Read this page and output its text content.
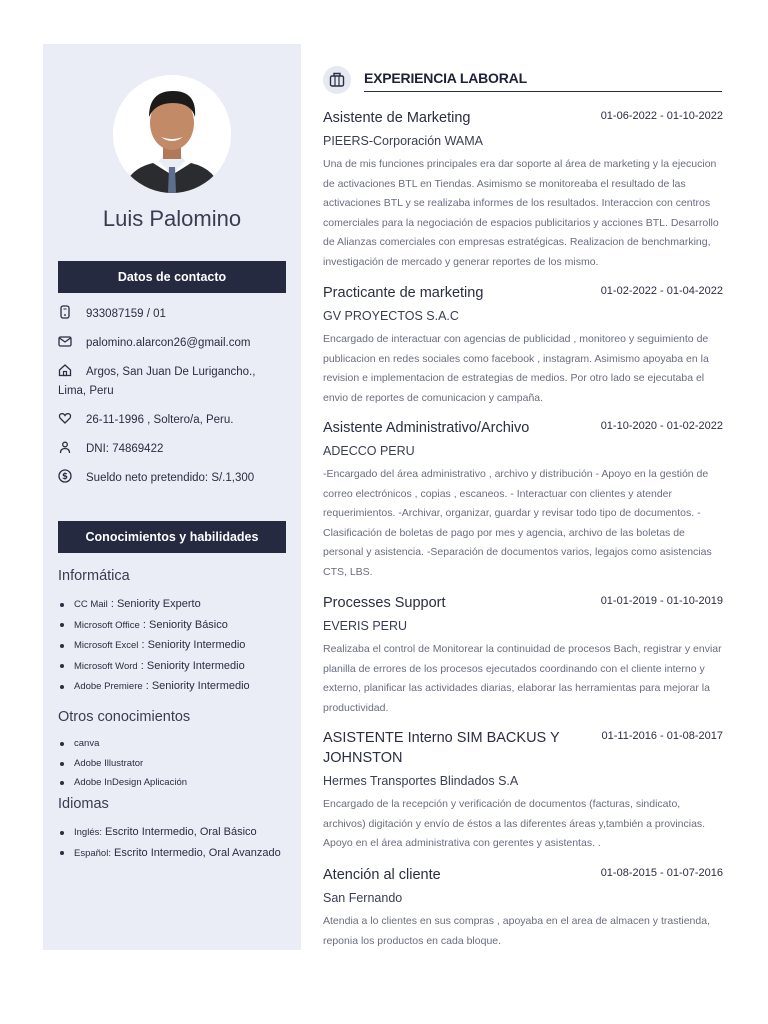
Luis Palomino
Datos de contacto
933087159 / 01
palomino.alarcon26@gmail.com
Argos, San Juan De Lurigancho., Lima, Peru
26-11-1996 , Soltero/a, Peru.
DNI: 74869422
$ Sueldo neto pretendido: S/.1,300
Conocimientos y habilidades
Informática
CC Mail : Seniority Experto
Microsoft Office : Seniority Básico
Microsoft Excel : Seniority Intermedio
Microsoft Word : Seniority Intermedio
Adobe Premiere : Seniority Intermedio
Otros conocimientos
canva
Adobe Illustrator
Adobe InDesign Aplicación
Idiomas
Inglés: Escrito Intermedio, Oral Básico
Español: Escrito Intermedio, Oral Avanzado
EXPERIENCIA LABORAL
Asistente de Marketing	01-06-2022 - 01-10-2022
PIEERS-Corporación WAMA
Una de mis funciones principales era dar soporte al área de marketing y la ejecucion de activaciones BTL en Tiendas. Asimismo se monitoreaba el resultado de las activaciones BTL y se realizaba informes de los resultados. Interaccion con centros comerciales para la negociación de espacios publicitarios y acciones BTL. Desarrollo de Alianzas comerciales con empresas estratégicas. Realizacion de benchmarking, investigación de mercado y generar reportes de los mismo.
Practicante de marketing	01-02-2022 - 01-04-2022
GV PROYECTOS S.A.C
Encargado de interactuar con agencias de publicidad , monitoreo y seguimiento de publicacion en redes sociales como facebook , instagram. Asimismo apoyaba en la revision e implementacion de estrategias de medios. Por otro lado se ejecutaba el envio de reportes de comunicacion y campaña.
Asistente Administrativo/Archivo	01-10-2020 - 01-02-2022
ADECCO PERU
-Encargado del área administrativo , archivo y distribución - Apoyo en la gestión de correo electrónicos , copias , escaneos. - Interactuar con clientes y atender requerimientos. -Archivar, organizar, guardar y revisar todo tipo de documentos. -Clasificación de boletas de pago por mes y agencia, archivo de las boletas de personal y asistencia. -Separación de documentos varios, legajos como asistencias CTS, LBS.
Processes Support	01-01-2019 - 01-10-2019
EVERIS PERU
Realizaba el control de Monitorear la continuidad de procesos Bach, registrar y enviar planilla de errores de los procesos ejecutados coordinando con el cliente interno y externo, planificar las actividades diarias, elaborar las herramientas para mejorar la productividad.
ASISTENTE Interno SIM BACKUS Y JOHNSTON
01-11-2016 - 01-08-2017
Hermes Transportes Blindados S.A
Encargado de la recepción y verificación de documentos (facturas, sindicato, archivos) digitación y envío de éstos a las diferentes áreas y,también a provincias. Apoyo en el área administrativa con gerentes y asistentas. .
Atención al cliente	01-08-2015 - 01-07-2016
San Fernando
Atendia a lo clientes en sus compras , apoyaba en el area de almacen y trastienda, reponia los productos en cada bloque.
